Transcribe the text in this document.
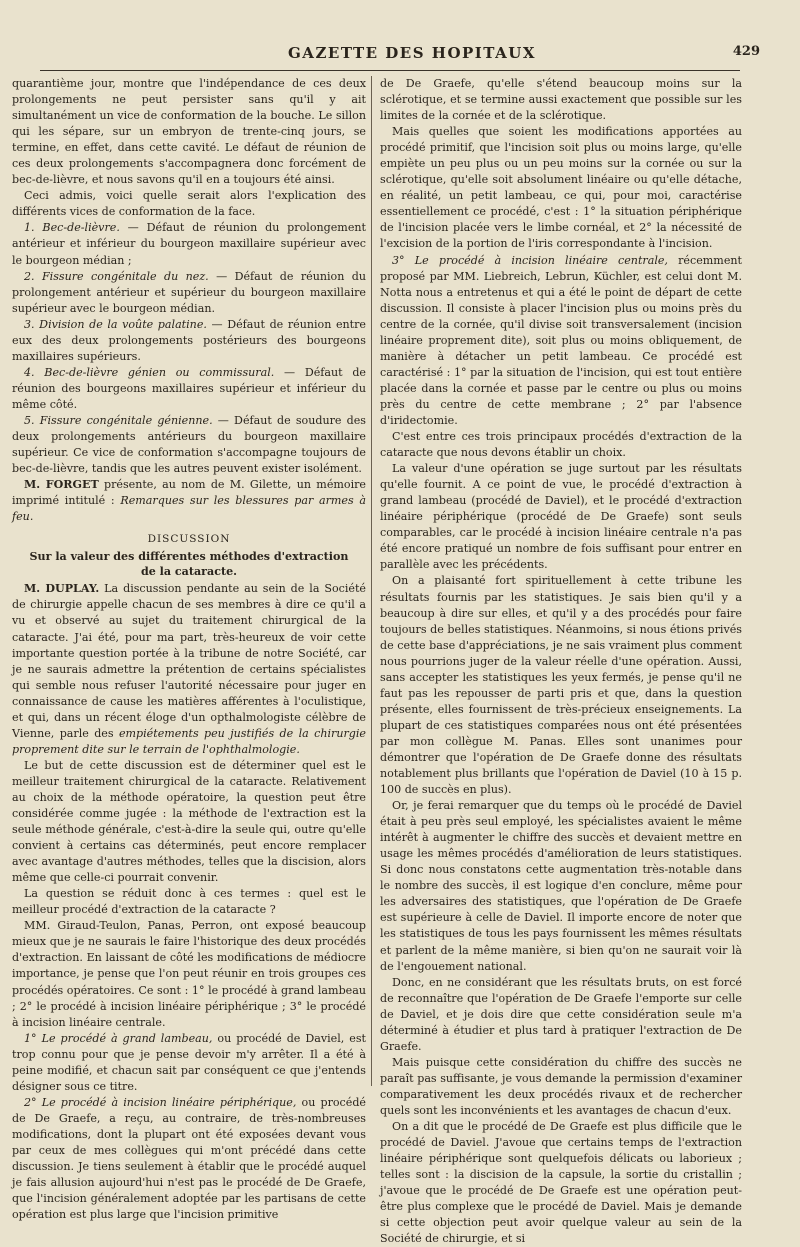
GAZETTE DES HOPITAUX	429

quarantième jour, montre que l'indépendance de ces deux prolongements ne peut persister sans qu'il y ait simultanément un vice de conformation de la bouche. Le sillon qui les sépare, sur un embryon de trente-cinq jours, se termine, en effet, dans cette cavité. Le défaut de réunion de ces deux prolongements s'accompagnera donc forcément de bec-de-lièvre, et nous savons qu'il en a toujours été ainsi.

Ceci admis, voici quelle serait alors l'explication des différents vices de conformation de la face.

1. Bec-de-lièvre. — Défaut de réunion du prolongement antérieur et inférieur du bourgeon maxillaire supérieur avec le bourgeon médian ;

2. Fissure congénitale du nez. — Défaut de réunion du prolongement antérieur et supérieur du bourgeon maxillaire supérieur avec le bourgeon médian.

3. Division de la voûte palatine. — Défaut de réunion entre eux des deux prolongements postérieurs des bourgeons maxillaires supérieurs.

4. Bec-de-lièvre génien ou commissural. — Défaut de réunion des bourgeons maxillaires supérieur et inférieur du même côté.

5. Fissure congénitale génienne. — Défaut de soudure des deux prolongements antérieurs du bourgeon maxillaire supérieur. Ce vice de conformation s'accompagne toujours de bec-de-lièvre, tandis que les autres peuvent exister isolément.

M. FORGET présente, au nom de M. Gilette, un mémoire imprimé intitulé : Remarques sur les blessures par armes à feu.

DISCUSSION
Sur la valeur des différentes méthodes d'extraction
de la cataracte.

M. DUPLAY. La discussion pendante au sein de la Société de chirurgie appelle chacun de ses membres à dire ce qu'il a vu et observé au sujet du traitement chirurgical de la cataracte. J'ai été, pour ma part, très-heureux de voir cette importante question portée à la tribune de notre Société, car je ne saurais admettre la prétention de certains spécialistes qui semble nous refuser l'autorité nécessaire pour juger en connaissance de cause les matières afférentes à l'oculistique, et qui, dans un récent éloge d'un opthalmologiste célèbre de Vienne, parle des empiétements peu justifiés de la chirurgie proprement dite sur le terrain de l'ophthalmologie.

Le but de cette discussion est de déterminer quel est le meilleur traitement chirurgical de la cataracte. Relativement au choix de la méthode opératoire, la question peut être considérée comme jugée : la méthode de l'extraction est la seule méthode générale, c'est-à-dire la seule qui, outre qu'elle convient à certains cas déterminés, peut encore remplacer avec avantage d'autres méthodes, telles que la discision, alors même que celle-ci pourrait convenir.

La question se réduit donc à ces termes : quel est le meilleur procédé d'extraction de la cataracte ?

MM. Giraud-Teulon, Panas, Perron, ont exposé beaucoup mieux que je ne saurais le faire l'historique des deux procédés d'extraction. En laissant de côté les modifications de médiocre importance, je pense que l'on peut réunir en trois groupes ces procédés opératoires. Ce sont : 1° le procédé à grand lambeau ; 2° le procédé à incision linéaire périphérique ; 3° le procédé à incision linéaire centrale.

1° Le procédé à grand lambeau, ou procédé de Daviel, est trop connu pour que je pense devoir m'y arrêter. Il a été à peine modifié, et chacun sait par conséquent ce que j'entends désigner sous ce titre.

2° Le procédé à incision linéaire périphérique, ou procédé de De Graefe, a reçu, au contraire, de très-nombreuses modifications, dont la plupart ont été exposées devant vous par ceux de mes collègues qui m'ont précédé dans cette discussion. Je tiens seulement à établir que le procédé auquel je fais allusion aujourd'hui n'est pas le procédé de De Graefe, que l'incision généralement adoptée par les partisans de cette opération est plus large que l'incision primitive

de De Graefe, qu'elle s'étend beaucoup moins sur la sclérotique, et se termine aussi exactement que possible sur les limites de la cornée et de la sclérotique.

Mais quelles que soient les modifications apportées au procédé primitif, que l'incision soit plus ou moins large, qu'elle empiète un peu plus ou un peu moins sur la cornée ou sur la sclérotique, qu'elle soit absolument linéaire ou qu'elle détache, en réalité, un petit lambeau, ce qui, pour moi, caractérise essentiellement ce procédé, c'est : 1° la situation périphérique de l'incision placée vers le limbe cornéal, et 2° la nécessité de l'excision de la portion de l'iris correspondante à l'incision.

3° Le procédé à incision linéaire centrale, récemment proposé par MM. Liebreich, Lebrun, Küchler, est celui dont M. Notta nous a entretenus et qui a été le point de départ de cette discussion. Il consiste à placer l'incision plus ou moins près du centre de la cornée, qu'il divise soit transversalement (incision linéaire proprement dite), soit plus ou moins obliquement, de manière à détacher un petit lambeau. Ce procédé est caractérisé : 1° par la situation de l'incision, qui est tout entière placée dans la cornée et passe par le centre ou plus ou moins près du centre de cette membrane ; 2° par l'absence d'iridectomie.

C'est entre ces trois principaux procédés d'extraction de la cataracte que nous devons établir un choix.

La valeur d'une opération se juge surtout par les résultats qu'elle fournit. A ce point de vue, le procédé d'extraction à grand lambeau (procédé de Daviel), et le procédé d'extraction linéaire périphérique (procédé de De Graefe) sont seuls comparables, car le procédé à incision linéaire centrale n'a pas été encore pratiqué un nombre de fois suffisant pour entrer en parallèle avec les précédents.

On a plaisanté fort spirituellement à cette tribune les résultats fournis par les statistiques. Je sais bien qu'il y a beaucoup à dire sur elles, et qu'il y a des procédés pour faire toujours de belles statistiques. Néanmoins, si nous étions privés de cette base d'appréciations, je ne sais vraiment plus comment nous pourrions juger de la valeur réelle d'une opération. Aussi, sans accepter les statistiques les yeux fermés, je pense qu'il ne faut pas les repousser de parti pris et que, dans la question présente, elles fournissent de très-précieux enseignements. La plupart de ces statistiques comparées nous ont été présentées par mon collègue M. Panas. Elles sont unanimes pour démontrer que l'opération de De Graefe donne des résultats notablement plus brillants que l'opération de Daviel (10 à 15 p. 100 de succès en plus).

Or, je ferai remarquer que du temps où le procédé de Daviel était à peu près seul employé, les spécialistes avaient le même intérêt à augmenter le chiffre des succès et devaient mettre en usage les mêmes procédés d'amélioration de leurs statistiques. Si donc nous constatons cette augmentation très-notable dans le nombre des succès, il est logique d'en conclure, même pour les adversaires des statistiques, que l'opération de De Graefe est supérieure à celle de Daviel. Il importe encore de noter que les statistiques de tous les pays fournissent les mêmes résultats et parlent de la même manière, si bien qu'on ne saurait voir là de l'engouement national.

Donc, en ne considérant que les résultats bruts, on est forcé de reconnaître que l'opération de De Graefe l'emporte sur celle de Daviel, et je dois dire que cette considération seule m'a déterminé à étudier et plus tard à pratiquer l'extraction de De Graefe.

Mais puisque cette considération du chiffre des succès ne paraît pas suffisante, je vous demande la permission d'examiner comparativement les deux procédés rivaux et de rechercher quels sont les inconvénients et les avantages de chacun d'eux.

On a dit que le procédé de De Graefe est plus difficile que le procédé de Daviel. J'avoue que certains temps de l'extraction linéaire périphérique sont quelquefois délicats ou laborieux ; telles sont : la discision de la capsule, la sortie du cristallin ; j'avoue que le procédé de De Graefe est une opération peut-être plus complexe que le procédé de Daviel. Mais je demande si cette objection peut avoir quelque valeur au sein de la Société de chirurgie, et si
